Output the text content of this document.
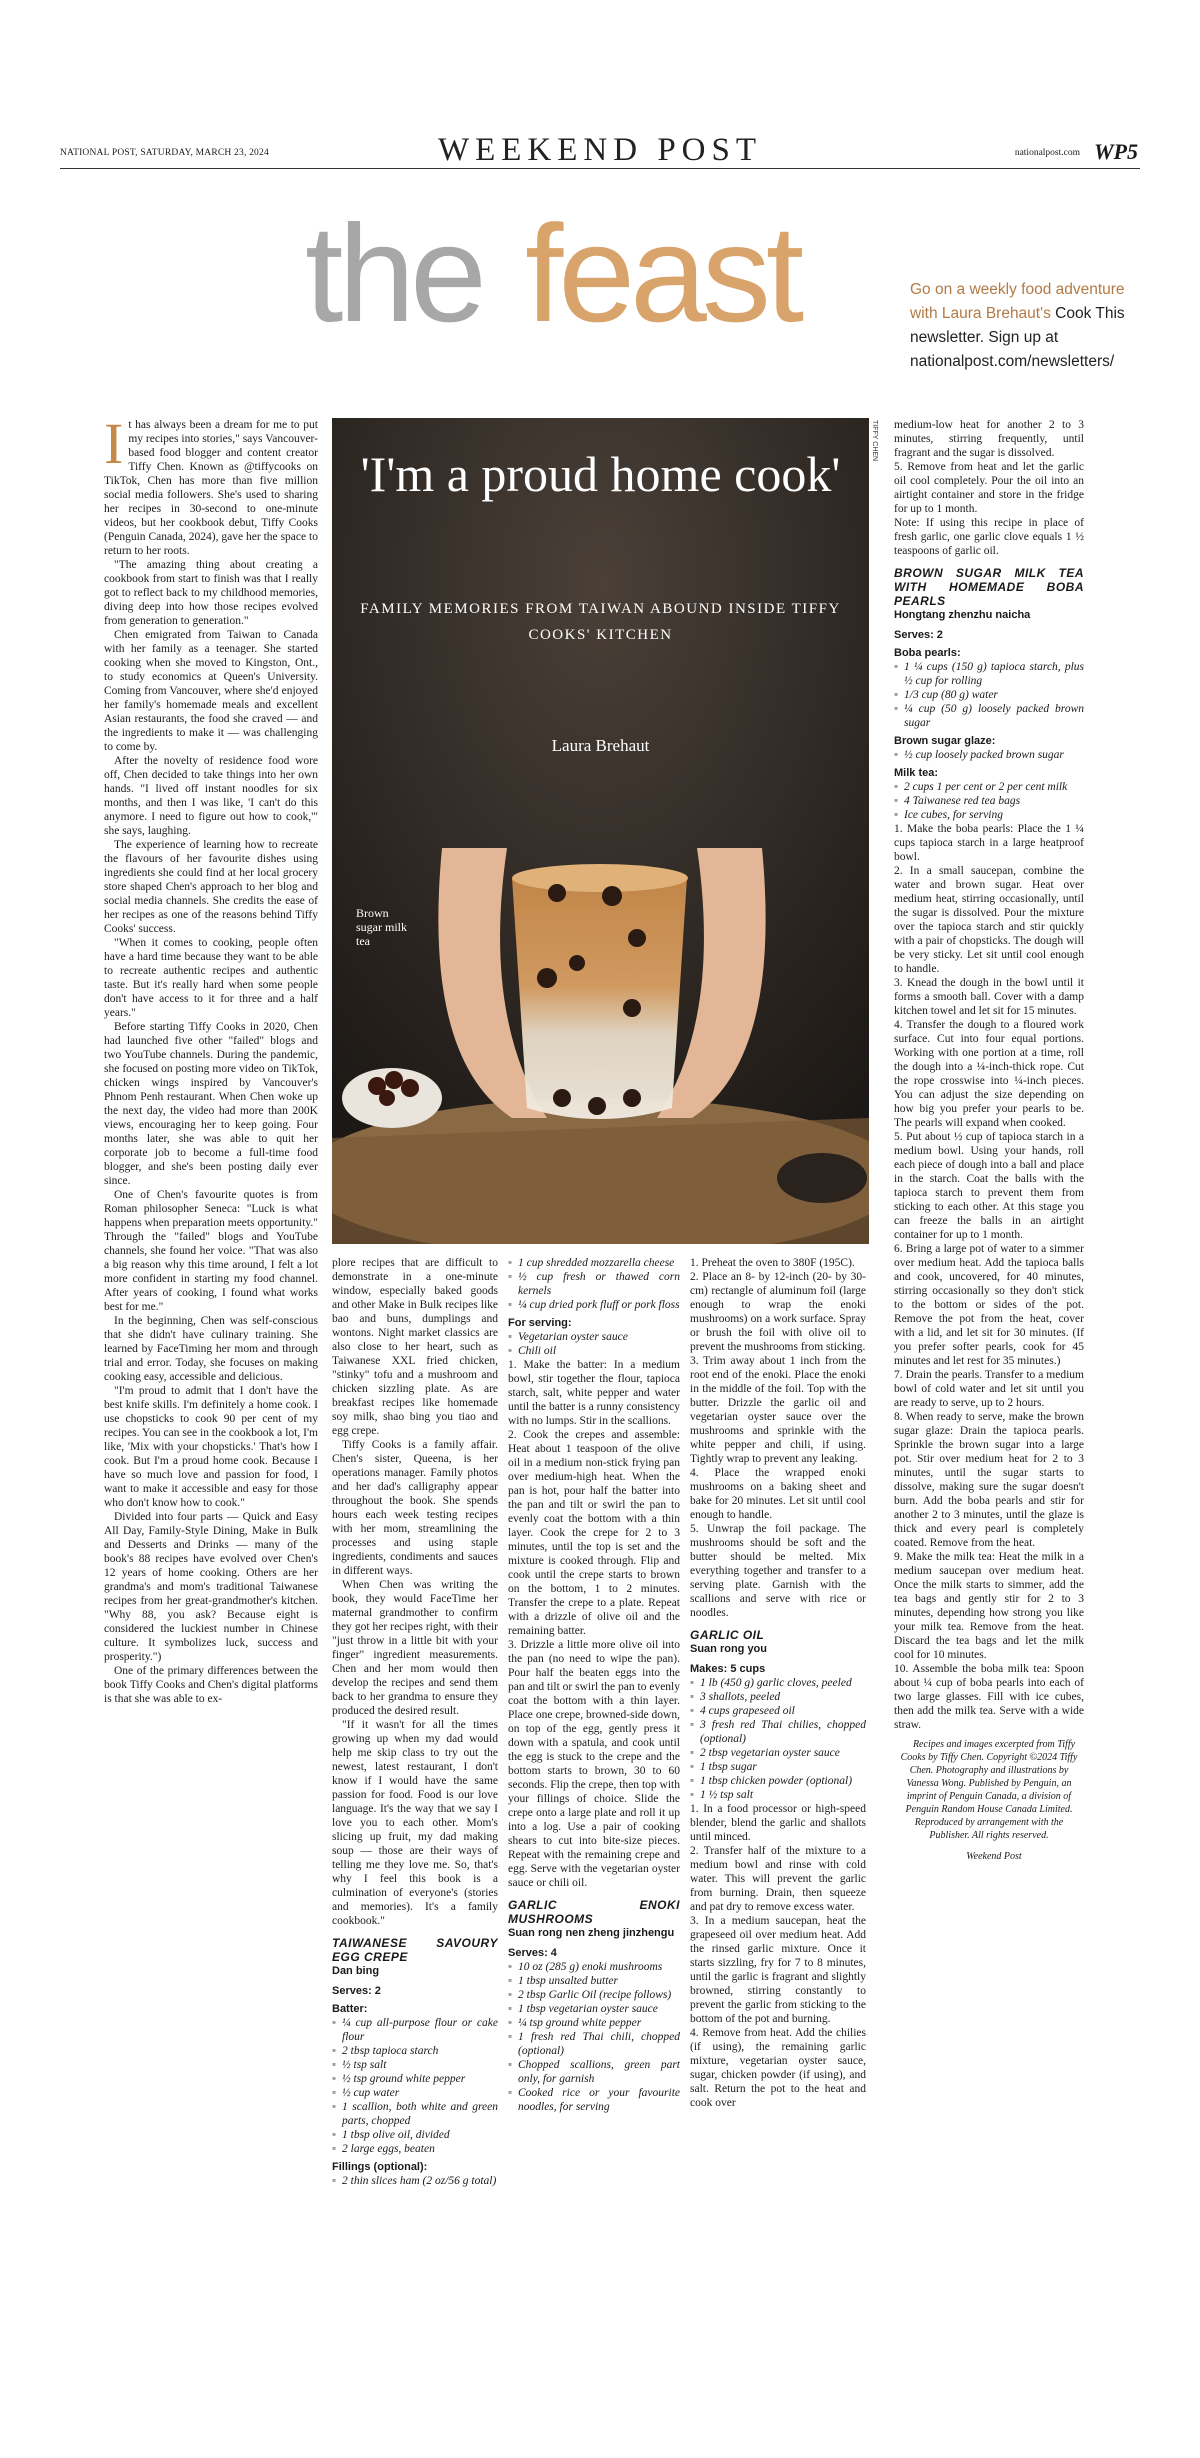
NATIONAL POST, SATURDAY, MARCH 23, 2024	WEEKEND POST	nationalpost.com WP5
the feast	Go on a weekly food adventure with Laura Brehaut's Cook This newsletter. Sign up at nationalpost.com/newsletters/
TIFFY CHEN
'I'm a proud home cook'
FAMILY MEMORIES FROM TAIWAN ABOUND INSIDE TIFFY COOKS' KITCHEN
Laura Brehaut
Brown sugar milk tea

It has always been a dream for me to put my recipes into stories," says Vancouver-based food blogger and content creator Tiffy Chen. Known as @tiffycooks on TikTok, Chen has more than five million social media followers. She's used to sharing her recipes in 30-second to one-minute videos, but her cookbook debut, Tiffy Cooks (Penguin Canada, 2024), gave her the space to return to her roots.

"The amazing thing about creating a cookbook from start to finish was that I really got to reflect back to my childhood memories, diving deep into how those recipes evolved from generation to generation."

Chen emigrated from Taiwan to Canada with her family as a teenager. She started cooking when she moved to Kingston, Ont., to study economics at Queen's University. Coming from Vancouver, where she'd enjoyed her family's homemade meals and excellent Asian restaurants, the food she craved — and the ingredients to make it — was challenging to come by.

After the novelty of residence food wore off, Chen decided to take things into her own hands. "I lived off instant noodles for six months, and then I was like, 'I can't do this anymore. I need to figure out how to cook,'" she says, laughing.

The experience of learning how to recreate the flavours of her favourite dishes using ingredients she could find at her local grocery store shaped Chen's approach to her blog and social media channels. She credits the ease of her recipes as one of the reasons behind Tiffy Cooks' success.

"When it comes to cooking, people often have a hard time because they want to be able to recreate authentic recipes and authentic taste. But it's really hard when some people don't have access to it for three and a half years."

Before starting Tiffy Cooks in 2020, Chen had launched five other "failed" blogs and two YouTube channels. During the pandemic, she focused on posting more video on TikTok, chicken wings inspired by Vancouver's Phnom Penh restaurant. When Chen woke up the next day, the video had more than 200K views, encouraging her to keep going. Four months later, she was able to quit her corporate job to become a full-time food blogger, and she's been posting daily ever since.

One of Chen's favourite quotes is from Roman philosopher Seneca: "Luck is what happens when preparation meets opportunity." Through the "failed" blogs and YouTube channels, she found her voice. "That was also a big reason why this time around, I felt a lot more confident in starting my food channel. After years of cooking, I found what works best for me."

In the beginning, Chen was self-conscious that she didn't have culinary training. She learned by FaceTiming her mom and through trial and error. Today, she focuses on making cooking easy, accessible and delicious.

"I'm proud to admit that I don't have the best knife skills. I'm definitely a home cook. I use chopsticks to cook 90 per cent of my recipes. You can see in the cookbook a lot, I'm like, 'Mix with your chopsticks.' That's how I cook. But I'm a proud home cook. Because I have so much love and passion for food, I want to make it accessible and easy for those who don't know how to cook."

Divided into four parts — Quick and Easy All Day, Family-Style Dining, Make in Bulk and Desserts and Drinks — many of the book's 88 recipes have evolved over Chen's 12 years of home cooking. Others are her grandma's and mom's traditional Taiwanese recipes from her great-grandmother's kitchen. "Why 88, you ask? Because eight is considered the luckiest number in Chinese culture. It symbolizes luck, success and prosperity.")

One of the primary differences between the book Tiffy Cooks and Chen's digital platforms is that she was able to ex-

plore recipes that are difficult to demonstrate in a one-minute window, especially baked goods and other Make in Bulk recipes like bao and buns, dumplings and wontons. Night market classics are also close to her heart, such as Taiwanese XXL fried chicken, "stinky" tofu and a mushroom and chicken sizzling plate. As are breakfast recipes like homemade soy milk, shao bing you tiao and egg crepe.

Tiffy Cooks is a family affair. Chen's sister, Queena, is her operations manager. Family photos and her dad's calligraphy appear throughout the book. She spends hours each week testing recipes with her mom, streamlining the processes and using staple ingredients, condiments and sauces in different ways.

When Chen was writing the book, they would FaceTime her maternal grandmother to confirm they got her recipes right, with their "just throw in a little bit with your finger" ingredient measurements. Chen and her mom would then develop the recipes and send them back to her grandma to ensure they produced the desired result.

"If it wasn't for all the times growing up when my dad would help me skip class to try out the newest, latest restaurant, I don't know if I would have the same passion for food. Food is our love language. It's the way that we say I love you to each other. Mom's slicing up fruit, my dad making soup — those are their ways of telling me they love me. So, that's why I feel this book is a culmination of everyone's (stories and memories). It's a family cookbook."

TAIWANESE SAVOURY EGG CREPE
Dan bing
Serves: 2
Batter:

▪ ¼ cup all-purpose flour or cake flour

▪ 2 tbsp tapioca starch

▪ ½ tsp salt

▪ ½ tsp ground white pepper

▪ ½ cup water

▪ 1 scallion, both white and green parts, chopped

▪ 1 tbsp olive oil, divided

▪ 2 large eggs, beaten

Fillings (optional):

▪ 2 thin slices ham (2 oz/56 g total)

▪ 1 cup shredded mozzarella cheese

▪ ½ cup fresh or thawed corn kernels

▪ ¼ cup dried pork fluff or pork floss

For serving:

▪ Vegetarian oyster sauce

▪ Chili oil

1. Make the batter: In a medium bowl, stir together the flour, tapioca starch, salt, white pepper and water until the batter is a runny consistency with no lumps. Stir in the scallions.

2. Cook the crepes and assemble: Heat about 1 teaspoon of the olive oil in a medium non-stick frying pan over medium-high heat. When the pan is hot, pour half the batter into the pan and tilt or swirl the pan to evenly coat the bottom with a thin layer. Cook the crepe for 2 to 3 minutes, until the top is set and the mixture is cooked through. Flip and cook until the crepe starts to brown on the bottom, 1 to 2 minutes. Transfer the crepe to a plate. Repeat with a drizzle of olive oil and the remaining batter.

3. Drizzle a little more olive oil into the pan (no need to wipe the pan). Pour half the beaten eggs into the pan and tilt or swirl the pan to evenly coat the bottom with a thin layer. Place one crepe, browned-side down, on top of the egg, gently press it down with a spatula, and cook until the egg is stuck to the crepe and the bottom starts to brown, 30 to 60 seconds. Flip the crepe, then top with your fillings of choice. Slide the crepe onto a large plate and roll it up into a log. Use a pair of cooking shears to cut into bite-size pieces. Repeat with the remaining crepe and egg. Serve with the vegetarian oyster sauce or chili oil.

GARLIC ENOKI MUSHROOMS
Suan rong nen zheng jinzhengu
Serves: 4

▪ 10 oz (285 g) enoki mushrooms

▪ 1 tbsp unsalted butter

▪ 2 tbsp Garlic Oil (recipe follows)

▪ 1 tbsp vegetarian oyster sauce

▪ ¼ tsp ground white pepper

▪ 1 fresh red Thai chili, chopped (optional)

▪ Chopped scallions, green part only, for garnish

▪ Cooked rice or your favourite noodles, for serving

1. Preheat the oven to 380F (195C).

2. Place an 8- by 12-inch (20- by 30-cm) rectangle of aluminum foil (large enough to wrap the enoki mushrooms) on a work surface. Spray or brush the foil with olive oil to prevent the mushrooms from sticking.

3. Trim away about 1 inch from the root end of the enoki. Place the enoki in the middle of the foil. Top with the butter. Drizzle the garlic oil and vegetarian oyster sauce over the mushrooms and sprinkle with the white pepper and chili, if using. Tightly wrap to prevent any leaking.

4. Place the wrapped enoki mushrooms on a baking sheet and bake for 20 minutes. Let sit until cool enough to handle.

5. Unwrap the foil package. The mushrooms should be soft and the butter should be melted. Mix everything together and transfer to a serving plate. Garnish with the scallions and serve with rice or noodles.

GARLIC OIL
Suan rong you
Makes: 5 cups

▪ 1 lb (450 g) garlic cloves, peeled

▪ 3 shallots, peeled

▪ 4 cups grapeseed oil

▪ 3 fresh red Thai chilies, chopped (optional)

▪ 2 tbsp vegetarian oyster sauce

▪ 1 tbsp sugar

▪ 1 tbsp chicken powder (optional)

▪ 1 ½ tsp salt

1. In a food processor or high-speed blender, blend the garlic and shallots until minced.

2. Transfer half of the mixture to a medium bowl and rinse with cold water. This will prevent the garlic from burning. Drain, then squeeze and pat dry to remove excess water.

3. In a medium saucepan, heat the grapeseed oil over medium heat. Add the rinsed garlic mixture. Once it starts sizzling, fry for 7 to 8 minutes, until the garlic is fragrant and slightly browned, stirring constantly to prevent the garlic from sticking to the bottom of the pot and burning.

4. Remove from heat. Add the chilies (if using), the remaining garlic mixture, vegetarian oyster sauce, sugar, chicken powder (if using), and salt. Return the pot to the heat and cook over

medium-low heat for another 2 to 3 minutes, stirring frequently, until fragrant and the sugar is dissolved.

5. Remove from heat and let the garlic oil cool completely. Pour the oil into an airtight container and store in the fridge for up to 1 month.

Note: If using this recipe in place of fresh garlic, one garlic clove equals 1 ½ teaspoons of garlic oil.

BROWN SUGAR MILK TEA WITH HOMEMADE BOBA PEARLS
Hongtang zhenzhu naicha
Serves: 2
Boba pearls:

▪ 1 ¼ cups (150 g) tapioca starch, plus ½ cup for rolling

▪ 1/3 cup (80 g) water

▪ ¼ cup (50 g) loosely packed brown sugar

Brown sugar glaze:

▪ ½ cup loosely packed brown sugar

Milk tea:

▪ 2 cups 1 per cent or 2 per cent milk

▪ 4 Taiwanese red tea bags

▪ Ice cubes, for serving

1. Make the boba pearls: Place the 1 ¼ cups tapioca starch in a large heatproof bowl.

2. In a small saucepan, combine the water and brown sugar. Heat over medium heat, stirring occasionally, until the sugar is dissolved. Pour the mixture over the tapioca starch and stir quickly with a pair of chopsticks. The dough will be very sticky. Let sit until cool enough to handle.

3. Knead the dough in the bowl until it forms a smooth ball. Cover with a damp kitchen towel and let sit for 15 minutes.

4. Transfer the dough to a floured work surface. Cut into four equal portions. Working with one portion at a time, roll the dough into a ¼-inch-thick rope. Cut the rope crosswise into ¼-inch pieces. You can adjust the size depending on how big you prefer your pearls to be. The pearls will expand when cooked.

5. Put about ½ cup of tapioca starch in a medium bowl. Using your hands, roll each piece of dough into a ball and place in the starch. Coat the balls with the tapioca starch to prevent them from sticking to each other. At this stage you can freeze the balls in an airtight container for up to 1 month.

6. Bring a large pot of water to a simmer over medium heat. Add the tapioca balls and cook, uncovered, for 40 minutes, stirring occasionally so they don't stick to the bottom or sides of the pot. Remove the pot from the heat, cover with a lid, and let sit for 30 minutes. (If you prefer softer pearls, cook for 45 minutes and let rest for 35 minutes.)

7. Drain the pearls. Transfer to a medium bowl of cold water and let sit until you are ready to serve, up to 2 hours.

8. When ready to serve, make the brown sugar glaze: Drain the tapioca pearls. Sprinkle the brown sugar into a large pot. Stir over medium heat for 2 to 3 minutes, until the sugar starts to dissolve, making sure the sugar doesn't burn. Add the boba pearls and stir for another 2 to 3 minutes, until the glaze is thick and every pearl is completely coated. Remove from the heat.

9. Make the milk tea: Heat the milk in a medium saucepan over medium heat. Once the milk starts to simmer, add the tea bags and gently stir for 2 to 3 minutes, depending how strong you like your milk tea. Remove from the heat. Discard the tea bags and let the milk cool for 10 minutes.

10. Assemble the boba milk tea: Spoon about ¼ cup of boba pearls into each of two large glasses. Fill with ice cubes, then add the milk tea. Serve with a wide straw.

Recipes and images excerpted from Tiffy Cooks by Tiffy Chen. Copyright ©2024 Tiffy Chen. Photography and illustrations by Vanessa Wong. Published by Penguin, an imprint of Penguin Canada, a division of Penguin Random House Canada Limited. Reproduced by arrangement with the Publisher. All rights reserved.

Weekend Post
